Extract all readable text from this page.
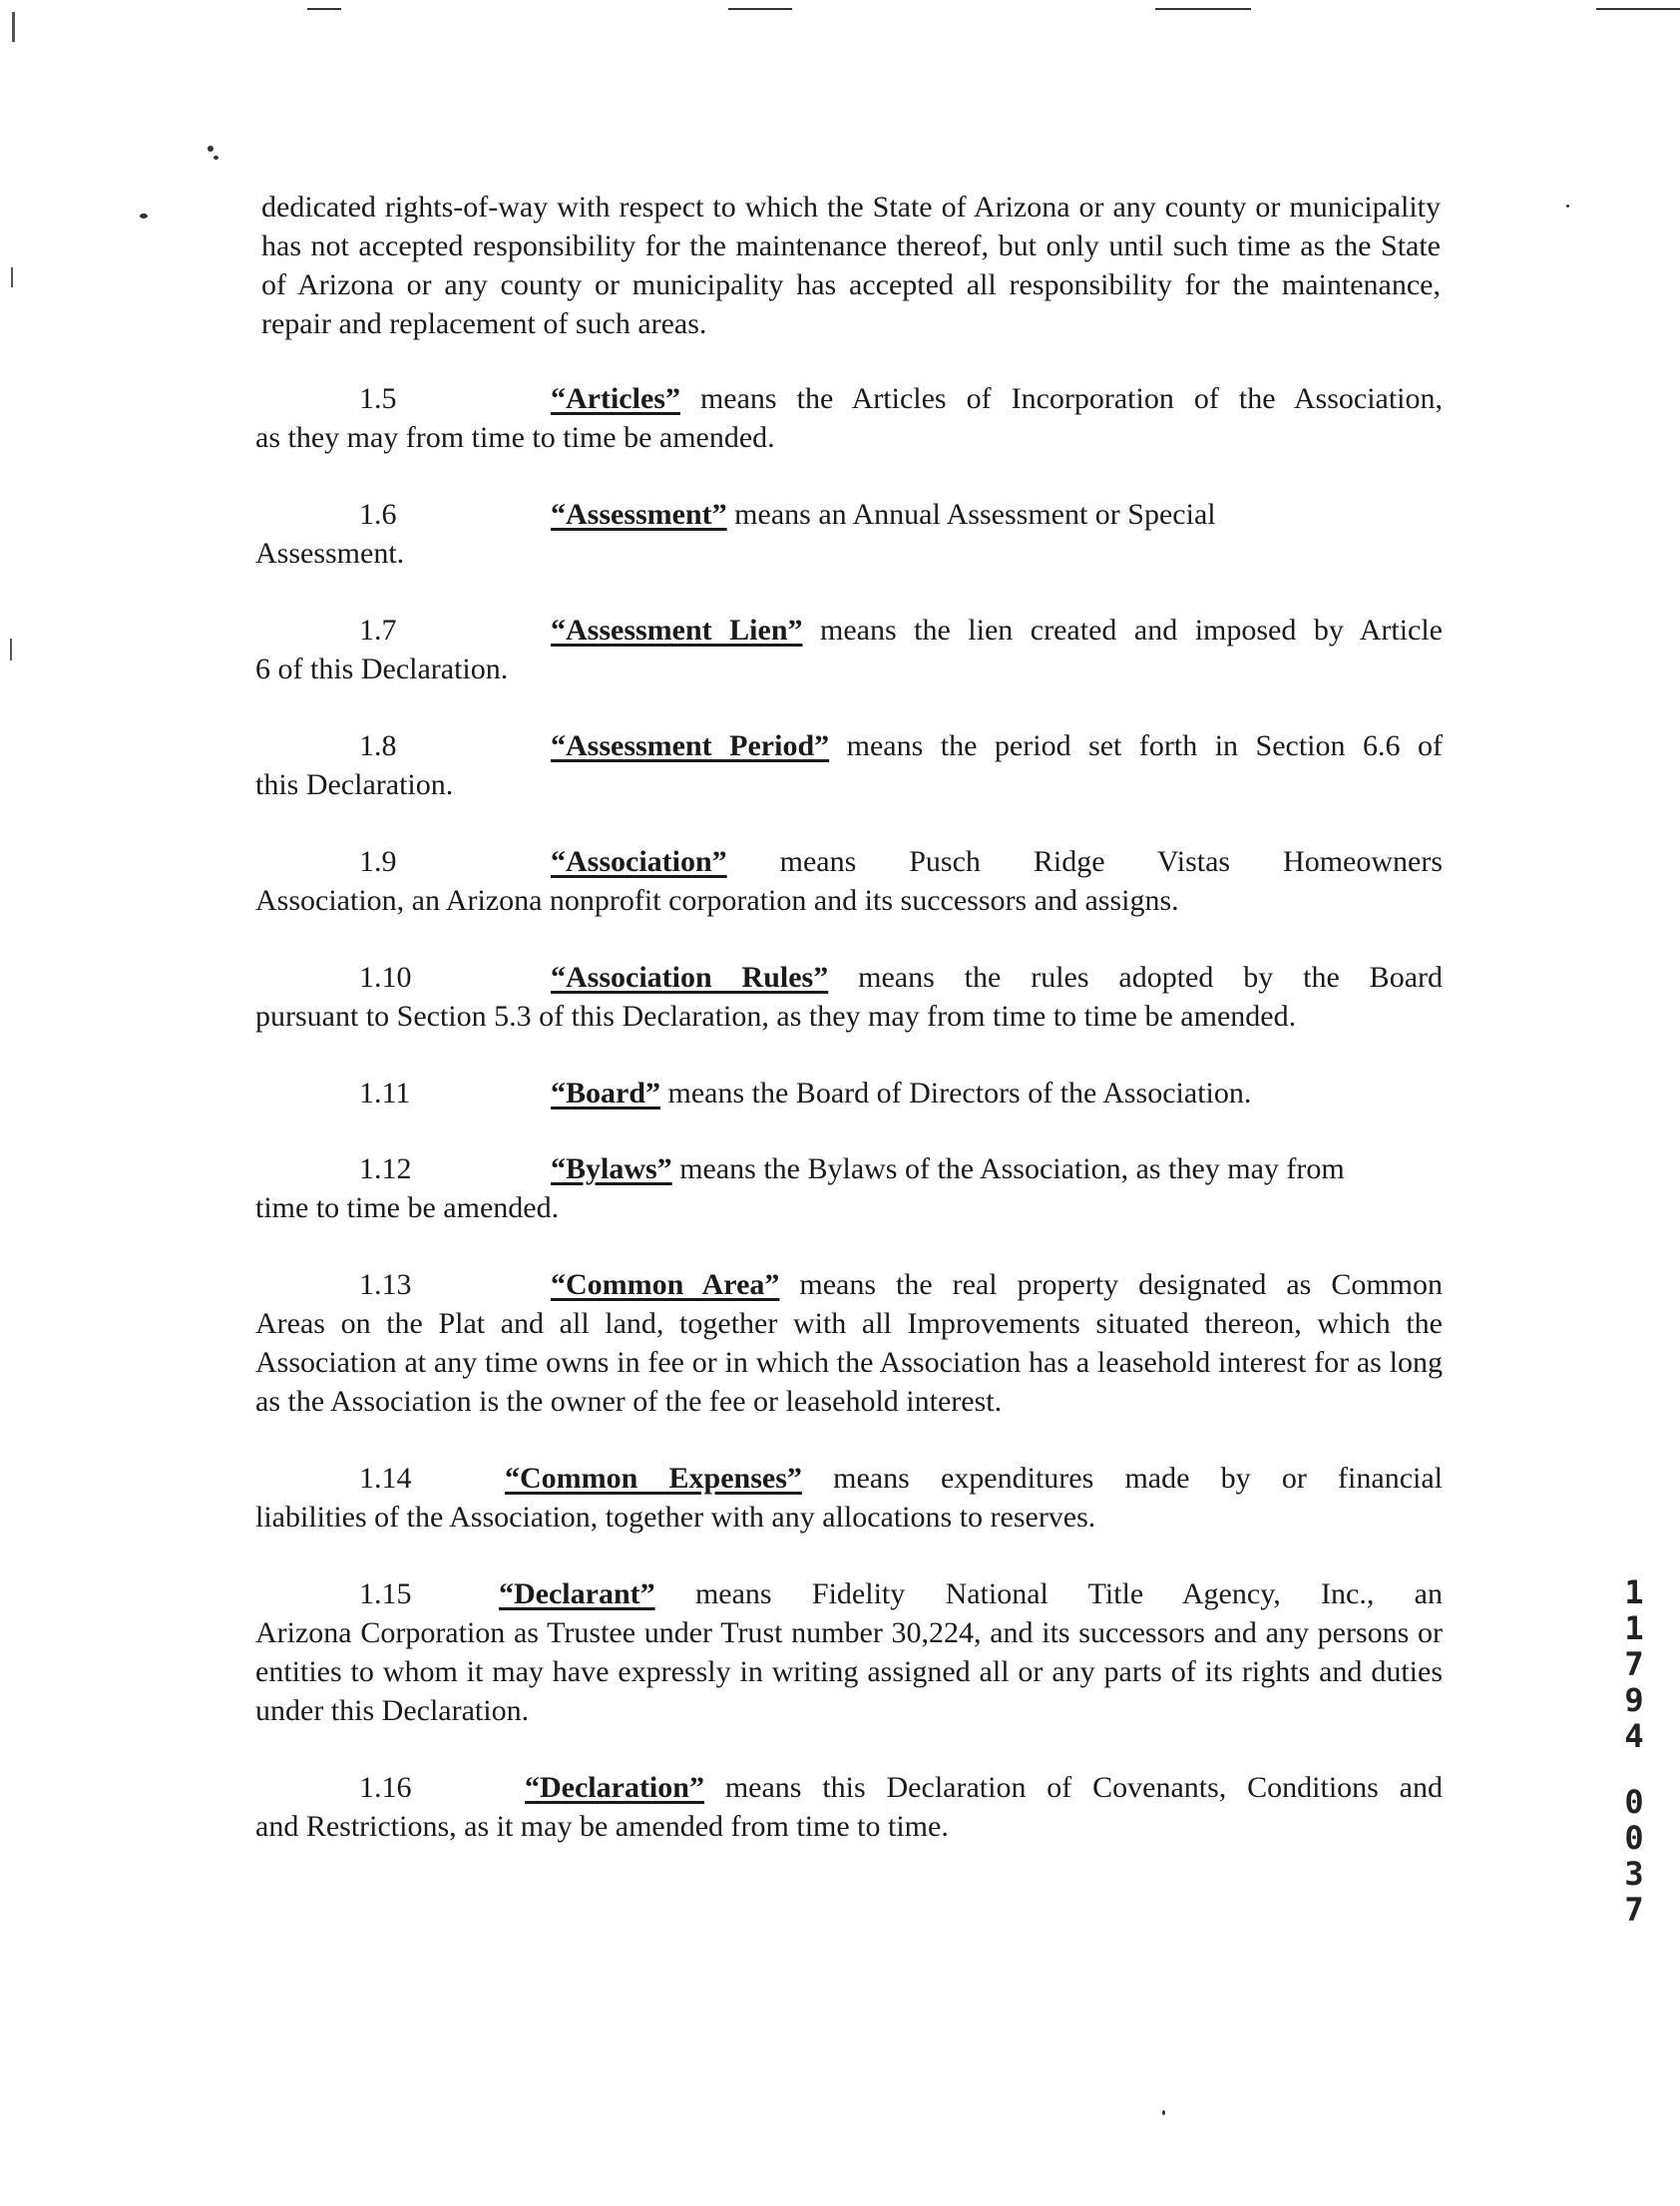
dedicated rights-of-way with respect to which the State of Arizona or any county or municipality has not accepted responsibility for the maintenance thereof, but only until such time as the State of Arizona or any county or municipality has accepted all responsibility for the maintenance, repair and replacement of such areas.
1.5	“Articles” means the Articles of Incorporation of the Association,
as they may from time to time be amended.
1.6	“Assessment” means an Annual Assessment or Special
Assessment.
1.7	“Assessment Lien” means the lien created and imposed by Article
6 of this Declaration.
1.8	“Assessment Period” means the period set forth in Section 6.6 of
this Declaration.
1.9	“Association” means Pusch Ridge Vistas Homeowners
Association, an Arizona nonprofit corporation and its successors and assigns.
1.10	“Association Rules” means the rules adopted by the Board
pursuant to Section 5.3 of this Declaration, as they may from time to time be amended.
1.11	“Board” means the Board of Directors of the Association.
1.12	“Bylaws” means the Bylaws of the Association, as they may from
time to time be amended.
1.13	“Common Area” means the real property designated as Common
Areas on the Plat and all land, together with all Improvements situated thereon, which the Association at any time owns in fee or in which the Association has a leasehold interest for as long as the Association is the owner of the fee or leasehold interest.
1.14	“Common Expenses” means expenditures made by or financial
liabilities of the Association, together with any allocations to reserves.
1.15	“Declarant” means Fidelity National Title Agency, Inc., an
Arizona Corporation as Trustee under Trust number 30,224, and its successors and any persons or entities to whom it may have expressly in writing assigned all or any parts of its rights and duties under this Declaration.
1.16	“Declaration” means this Declaration of Covenants, Conditions and
and Restrictions, as it may be amended from time to time.
1
1
7
9
4
0
0
3
7
